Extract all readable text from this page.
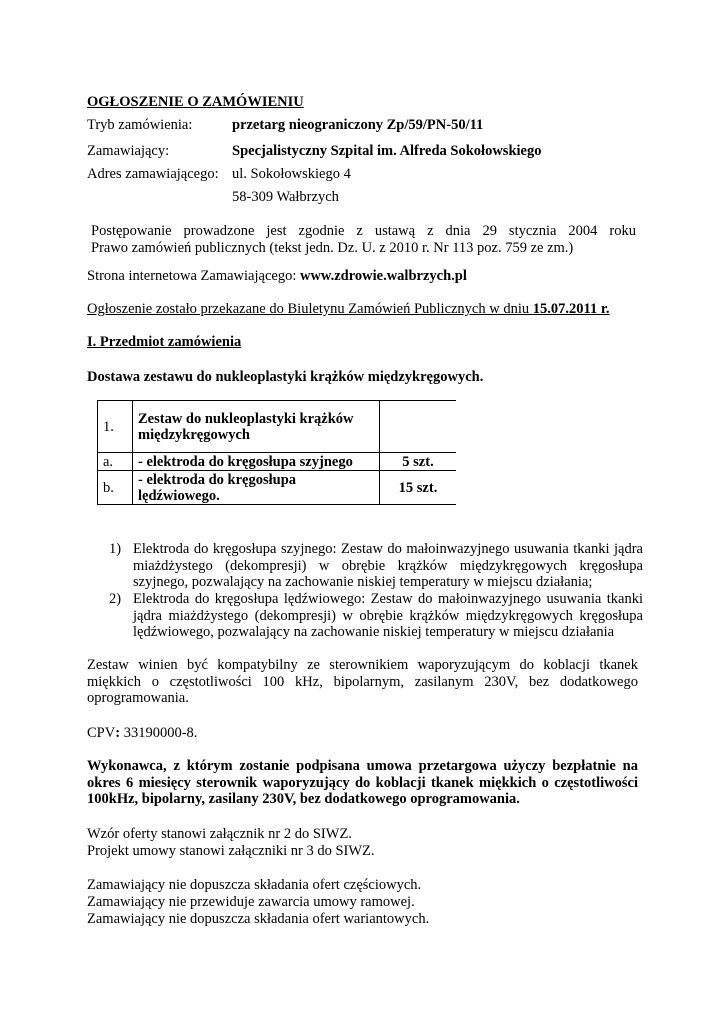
OGŁOSZENIE O ZAMÓWIENIU
Tryb zamówienia:	przetarg nieograniczony Zp/59/PN-50/11
Zamawiający:	Specjalistyczny Szpital im. Alfreda Sokołowskiego
Adres zamawiającego: ul. Sokołowskiego 4
58-309 Wałbrzych
Postępowanie prowadzone jest zgodnie z ustawą z dnia 29 stycznia 2004 roku
Prawo zamówień publicznych (tekst jedn. Dz. U. z 2010 r. Nr 113 poz. 759 ze zm.)
Strona internetowa Zamawiającego: www.zdrowie.walbrzych.pl
Ogłoszenie zostało przekazane do Biuletynu Zamówień Publicznych w dniu 15.07.2011 r.
I. Przedmiot zamówienia
Dostawa zestawu do nukleoplastyki krążków międzykręgowych.
1.	Zestaw do nukleoplastyki krążków
międzykręgowych	

a.	- elektroda do kręgosłupa szyjnego	5 szt.
b.	- elektroda do kręgosłupa
lędźwiowego.	15 szt.
1) Elektroda do kręgosłupa szyjnego: Zestaw do małoinwazyjnego usuwania tkanki jądra
miażdżystego (dekompresji) w obrębie krążków międzykręgowych kręgosłupa
szyjnego, pozwalający na zachowanie niskiej temperatury w miejscu działania;
2) Elektroda do kręgosłupa lędźwiowego: Zestaw do małoinwazyjnego usuwania tkanki
jądra miażdżystego (dekompresji) w obrębie krążków międzykręgowych kręgosłupa
lędźwiowego, pozwalający na zachowanie niskiej temperatury w miejscu działania
Zestaw winien być kompatybilny ze sterownikiem waporyzującym do koblacji tkanek
miękkich o częstotliwości 100 kHz, bipolarnym, zasilanym 230V, bez dodatkowego
oprogramowania.
CPV: 33190000-8.
Wykonawca, z którym zostanie podpisana umowa przetargowa użyczy bezpłatnie na
okres 6 miesięcy sterownik waporyzujący do koblacji tkanek miękkich o częstotliwości
100kHz, bipolarny, zasilany 230V, bez dodatkowego oprogramowania.
Wzór oferty stanowi załącznik nr 2 do SIWZ.
Projekt umowy stanowi załączniki nr 3 do SIWZ.
Zamawiający nie dopuszcza składania ofert częściowych.
Zamawiający nie przewiduje zawarcia umowy ramowej.
Zamawiający nie dopuszcza składania ofert wariantowych.
